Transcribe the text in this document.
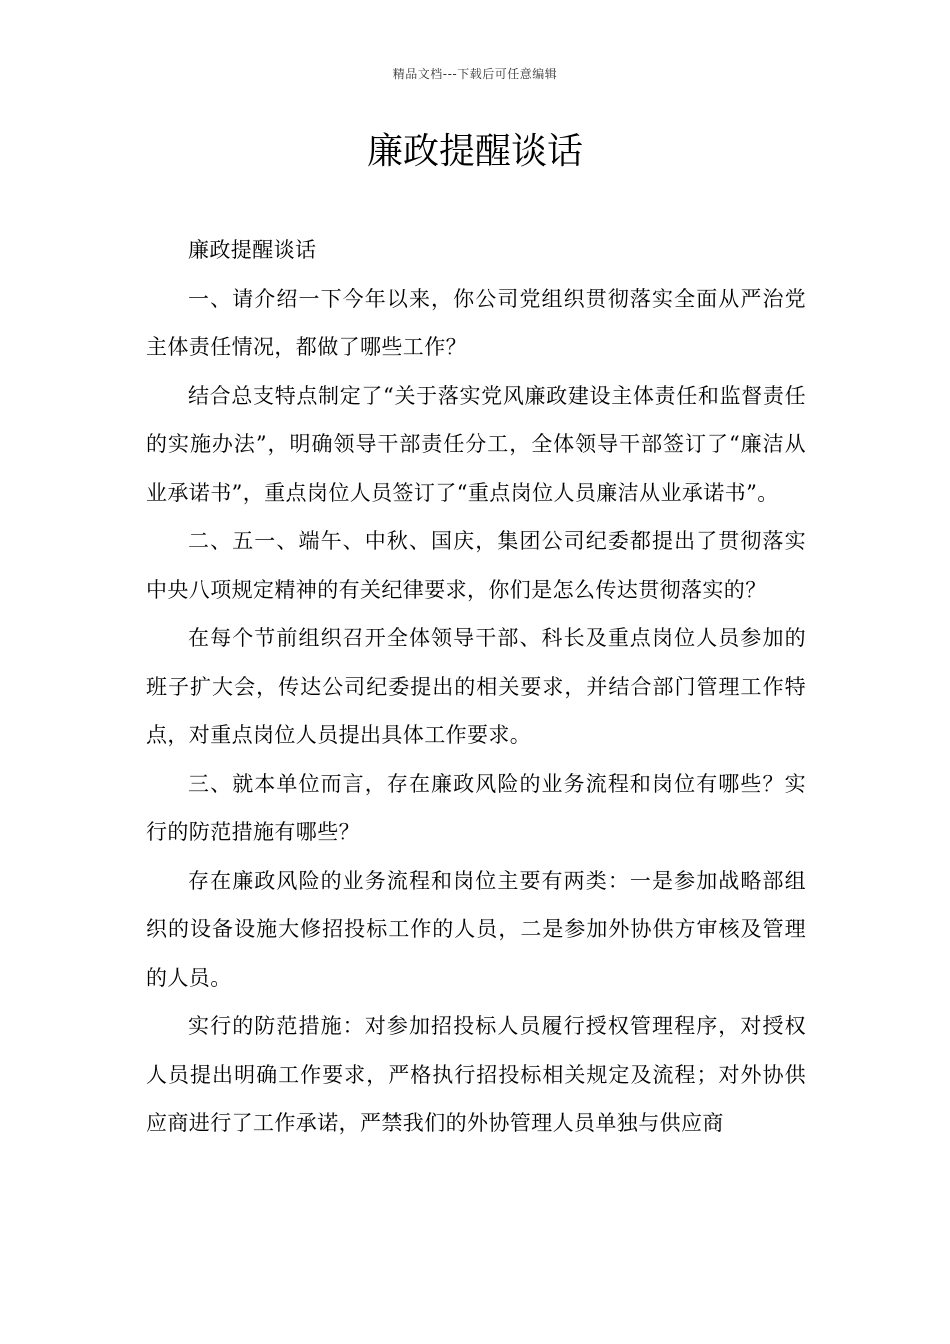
精品文档---下载后可任意编辑
廉政提醒谈话

廉政提醒谈话

一、请介绍一下今年以来，你公司党组织贯彻落实全面从严治党主体责任情况，都做了哪些工作？

结合总支特点制定了“关于落实党风廉政建设主体责任和监督责任的实施办法”，明确领导干部责任分工，全体领导干部签订了“廉洁从业承诺书”，重点岗位人员签订了“重点岗位人员廉洁从业承诺书”。

二、五一、端午、中秋、国庆，集团公司纪委都提出了贯彻落实中央八项规定精神的有关纪律要求，你们是怎么传达贯彻落实的？

在每个节前组织召开全体领导干部、科长及重点岗位人员参加的班子扩大会，传达公司纪委提出的相关要求，并结合部门管理工作特点，对重点岗位人员提出具体工作要求。

三、就本单位而言，存在廉政风险的业务流程和岗位有哪些？实行的防范措施有哪些？

存在廉政风险的业务流程和岗位主要有两类：一是参加战略部组织的设备设施大修招投标工作的人员，二是参加外协供方审核及管理的人员。

实行的防范措施：对参加招投标人员履行授权管理程序，对授权人员提出明确工作要求，严格执行招投标相关规定及流程；对外协供应商进行了工作承诺，严禁我们的外协管理人员单独与供应商
